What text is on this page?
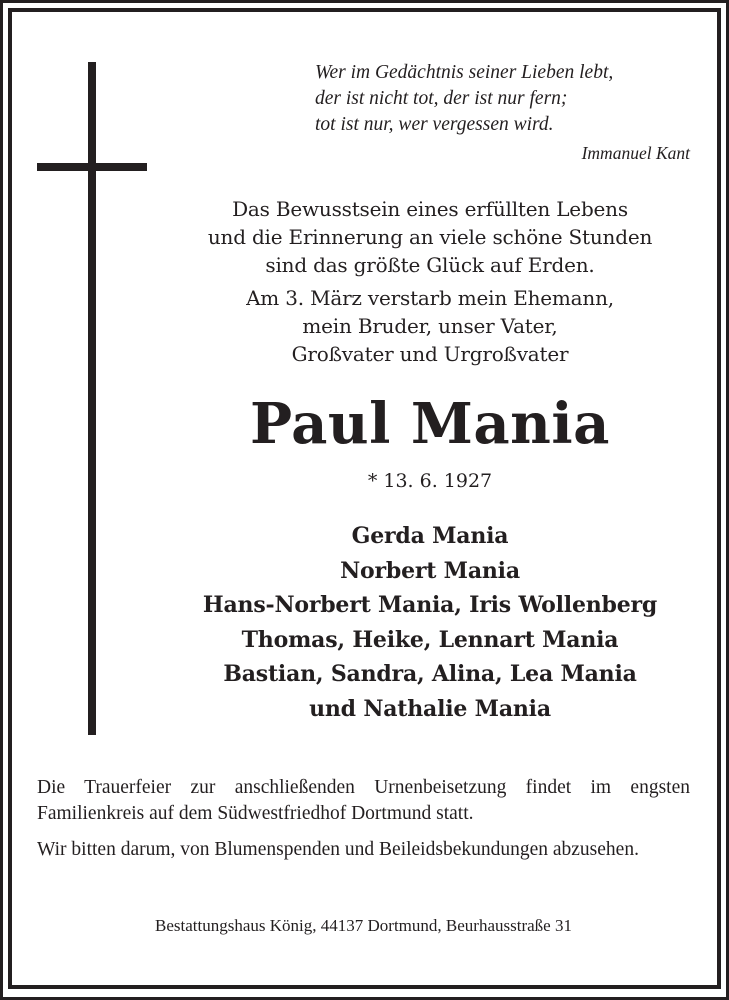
Wer im Gedächtnis seiner Lieben lebt,
der ist nicht tot, der ist nur fern;
tot ist nur, wer vergessen wird.
Immanuel Kant
Das Bewusstsein eines erfüllten Lebens
und die Erinnerung an viele schöne Stunden
sind das größte Glück auf Erden.
Am 3. März verstarb mein Ehemann,
mein Bruder, unser Vater,
Großvater und Urgroßvater
Paul Mania
* 13. 6. 1927
Gerda Mania
Norbert Mania
Hans-Norbert Mania, Iris Wollenberg
Thomas, Heike, Lennart Mania
Bastian, Sandra, Alina, Lea Mania
und Nathalie Mania

Die Trauerfeier zur anschließenden Urnenbeisetzung findet im engsten Familienkreis auf dem Südwestfriedhof Dortmund statt.

Wir bitten darum, von Blumenspenden und Beileidsbekundungen abzusehen.

Bestattungshaus König, 44137 Dortmund, Beurhausstraße 31
